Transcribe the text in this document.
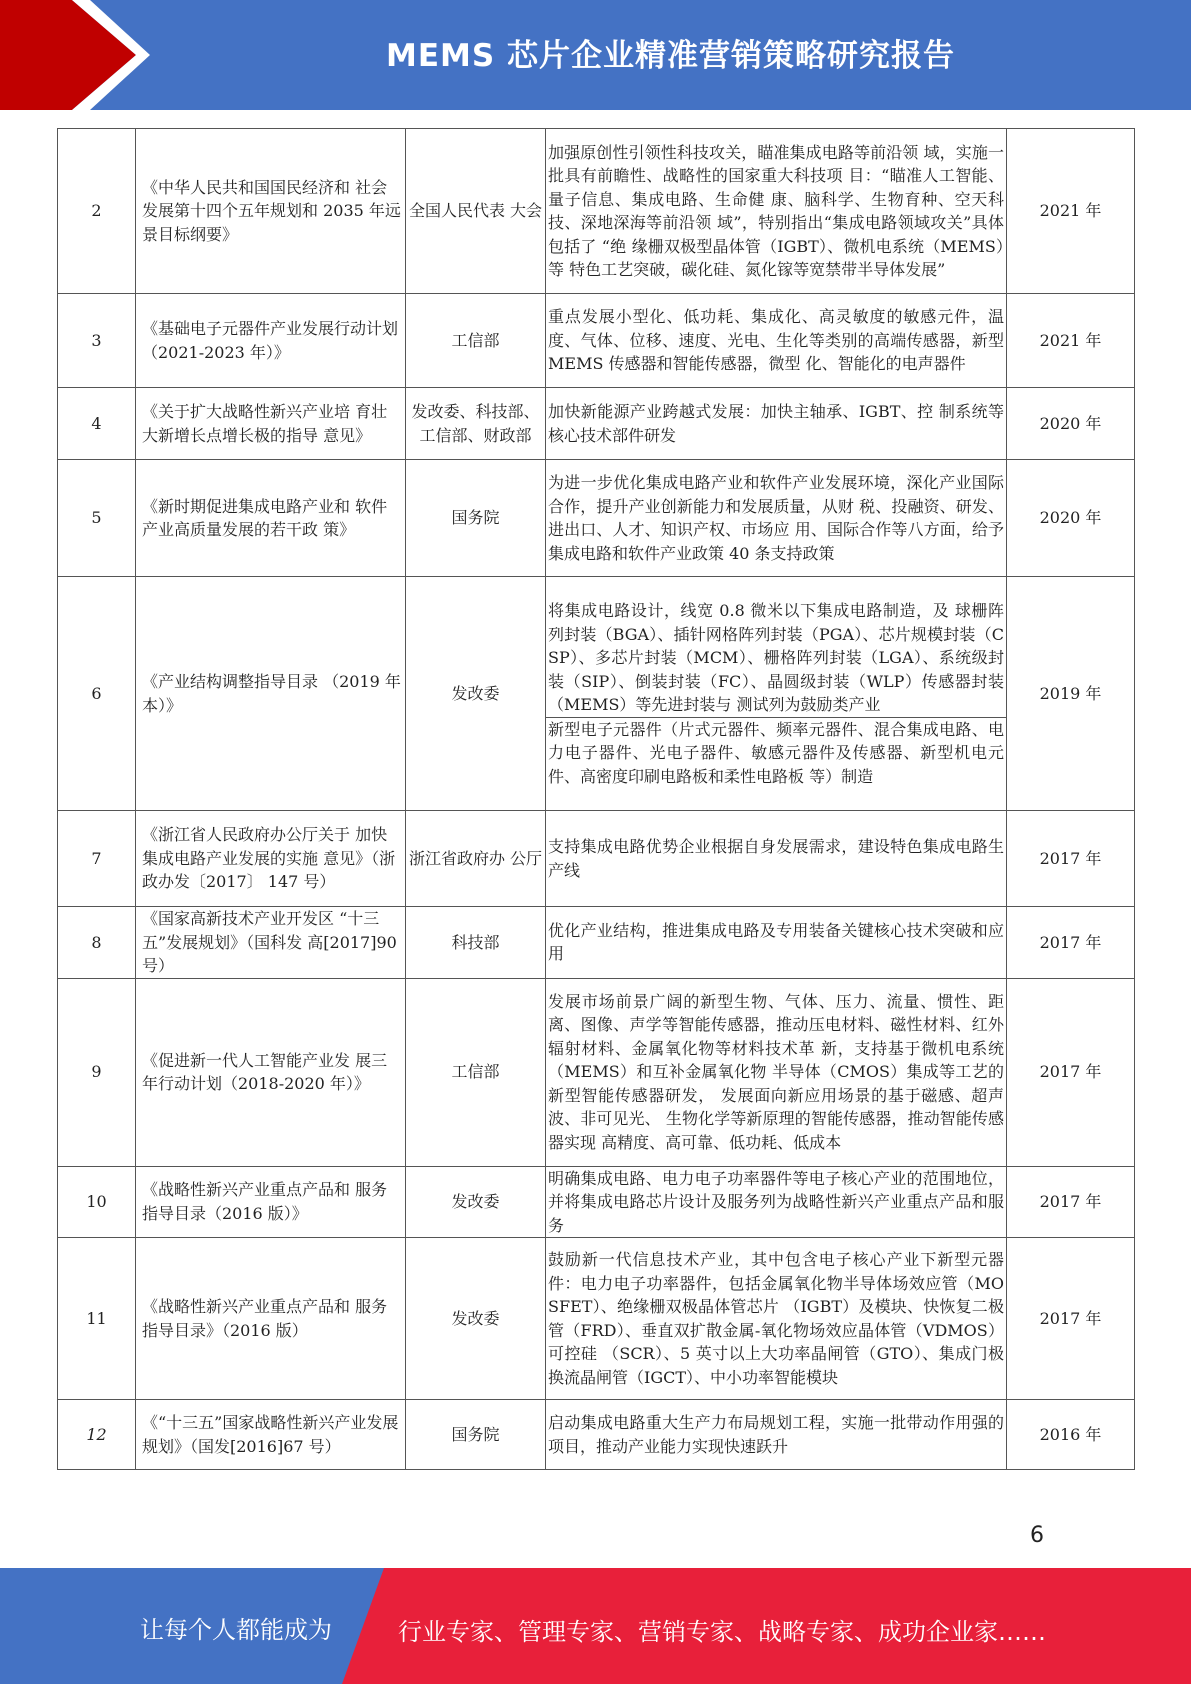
MEMS 芯片企业精准营销策略研究报告
2	《中华人民共和国国民经济和 社会发展第十四个五年规划和 2035 年远景目标纲要》	全国人民代表 大会	加强原创性引领性科技攻关，瞄准集成电路等前沿领 域，实施一批具有前瞻性、战略性的国家重大科技项 目：“瞄准人工智能、量子信息、集成电路、生命健 康、脑科学、生物育种、空天科技、深地深海等前沿领 域”，特别指出“集成电路领域攻关”具体包括了 “绝 缘栅双极型晶体管（IGBT）、微机电系统（MEMS）等 特色工艺突破，碳化硅、氮化镓等宽禁带半导体发展”	2021 年
3	《基础电子元器件产业发展行动计划（2021-2023 年）》	工信部	重点发展小型化、低功耗、集成化、高灵敏度的敏感元件，温度、气体、位移、速度、光电、生化等类别的高端传感器，新型 MEMS 传感器和智能传感器，微型 化、智能化的电声器件	2021 年
4	《关于扩大战略性新兴产业培 育壮大新增长点增长极的指导 意见》	发改委、科技部、工信部、财政部	加快新能源产业跨越式发展：加快主轴承、IGBT、控 制系统等核心技术部件研发	2020 年
5	《新时期促进集成电路产业和 软件产业高质量发展的若干政 策》	国务院	为进一步优化集成电路产业和软件产业发展环境，深化产业国际合作，提升产业创新能力和发展质量，从财 税、投融资、研发、进出口、人才、知识产权、市场应 用、国际合作等八方面，给予集成电路和软件产业政策 40 条支持政策	2020 年
6	《产业结构调整指导目录 （2019 年本）》	发改委	将集成电路设计，线宽 0.8 微米以下集成电路制造，及 球栅阵列封装（BGA）、插针网格阵列封装（PGA）、芯片规模封装（CSP）、多芯片封装（MCM）、栅格阵列封装（LGA）、系统级封装（SIP）、倒装封装（FC）、晶圆级封装（WLP）传感器封装（MEMS）等先进封装与 测试列为鼓励类产业
新型电子元器件（片式元器件、频率元器件、混合集成电路、电力电子器件、光电子器件、敏感元器件及传感器、新型机电元件、高密度印刷电路板和柔性电路板 等）制造	2019 年
7	《浙江省人民政府办公厅关于 加快集成电路产业发展的实施 意见》（浙政办发〔2017〕 147 号）	浙江省政府办 公厅	支持集成电路优势企业根据自身发展需求，建设特色集成电路生产线	2017 年
8	《国家高新技术产业开发区 “十三五”发展规划》（国科发 高[2017]90 号）	科技部	优化产业结构，推进集成电路及专用装备关键核心技术突破和应用	2017 年
9	《促进新一代人工智能产业发 展三年行动计划（2018-2020 年）》	工信部	发展市场前景广阔的新型生物、气体、压力、流量、惯性、距离、图像、声学等智能传感器，推动压电材料、磁性材料、红外辐射材料、金属氧化物等材料技术革 新，支持基于微机电系统（MEMS）和互补金属氧化物 半导体（CMOS）集成等工艺的新型智能传感器研发， 发展面向新应用场景的基于磁感、超声波、非可见光、 生物化学等新原理的智能传感器，推动智能传感器实现 高精度、高可靠、低功耗、低成本	2017 年
10	《战略性新兴产业重点产品和 服务指导目录（2016 版）》	发改委	明确集成电路、电力电子功率器件等电子核心产业的范围地位，并将集成电路芯片设计及服务列为战略性新兴产业重点产品和服务	2017 年
11	《战略性新兴产业重点产品和 服务指导目录》（2016 版）	发改委	鼓励新一代信息技术产业，其中包含电子核心产业下新型元器件：电力电子功率器件，包括金属氧化物半导体场效应管（MOSFET）、绝缘栅双极晶体管芯片 （IGBT）及模块、快恢复二极管（FRD）、垂直双扩散金属-氧化物场效应晶体管（VDMOS）可控硅 （SCR）、5 英寸以上大功率晶闸管（GTO）、集成门极 换流晶闸管（IGCT）、中小功率智能模块	2017 年
12	《“十三五”国家战略性新兴产业发展规划》（国发[2016]67 号）	国务院	启动集成电路重大生产力布局规划工程，实施一批带动作用强的项目，推动产业能力实现快速跃升	2016 年
6
让每个人都能成为	行业专家、管理专家、营销专家、战略专家、成功企业家……
